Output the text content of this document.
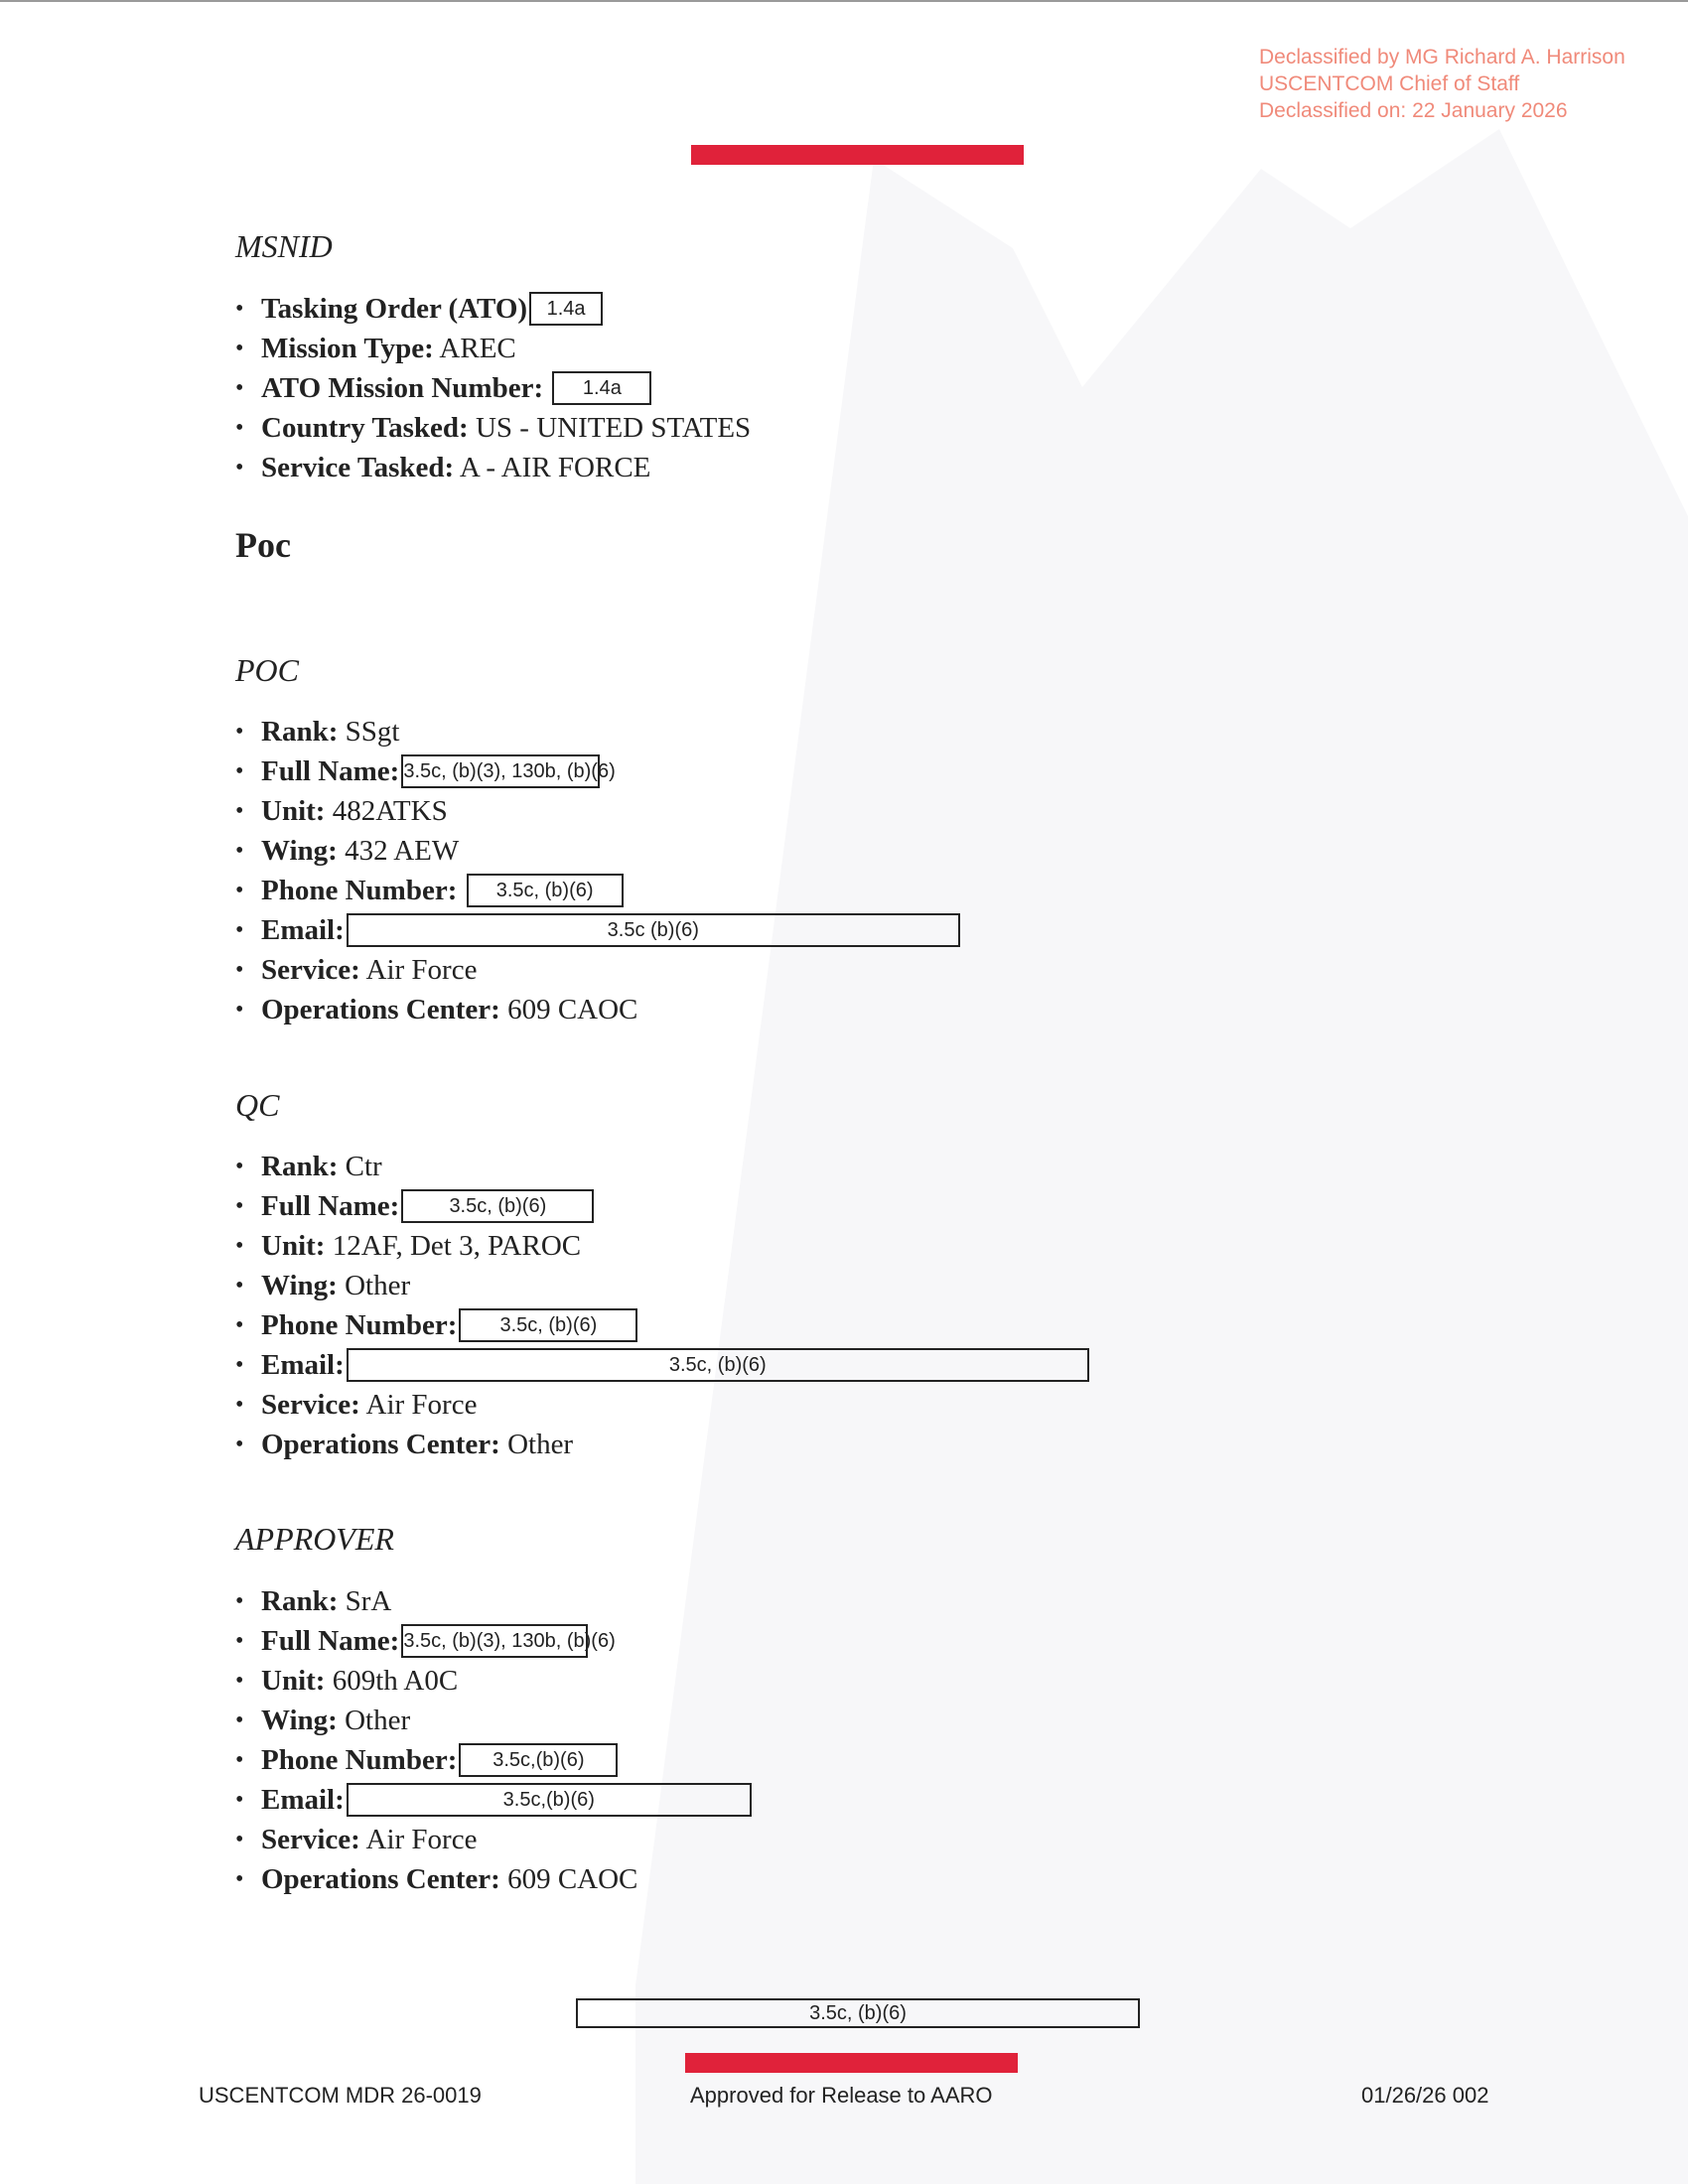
Declassified by MG Richard A. Harrison
USCENTCOM Chief of Staff
Declassified on: 22 January 2026
MSNID
• Tasking Order (ATO) 1.4a
• Mission Type: AREC
• ATO Mission Number: 1.4a
• Country Tasked: US - UNITED STATES
• Service Tasked: A - AIR FORCE
Poc
POC
• Rank: SSgt
• Full Name: 3.5c, (b)(3), 130b, (b)(6)
• Unit: 482ATKS
• Wing: 432 AEW
• Phone Number: 3.5c, (b)(6)
• Email:	3.5c (b)(6)
• Service: Air Force
• Operations Center: 609 CAOC
QC
• Rank: Ctr
• Full Name:	3.5c, (b)(6)
• Unit: 12AF, Det 3, PAROC
• Wing: Other
• Phone Number: 3.5c, (b)(6)
• Email:	3.5c, (b)(6)
• Service: Air Force
• Operations Center: Other
APPROVER
• Rank: SrA
• Full Name: 3.5c, (b)(3), 130b, (b)(6)
• Unit: 609th A0C
• Wing: Other
• Phone Number: 3.5c,(b)(6)
• Email:	3.5c,(b)(6)
• Service: Air Force
• Operations Center: 609 CAOC
3.5c, (b)(6)
USCENTCOM MDR 26-0019	Approved for Release to AARO	01/26/26 002
